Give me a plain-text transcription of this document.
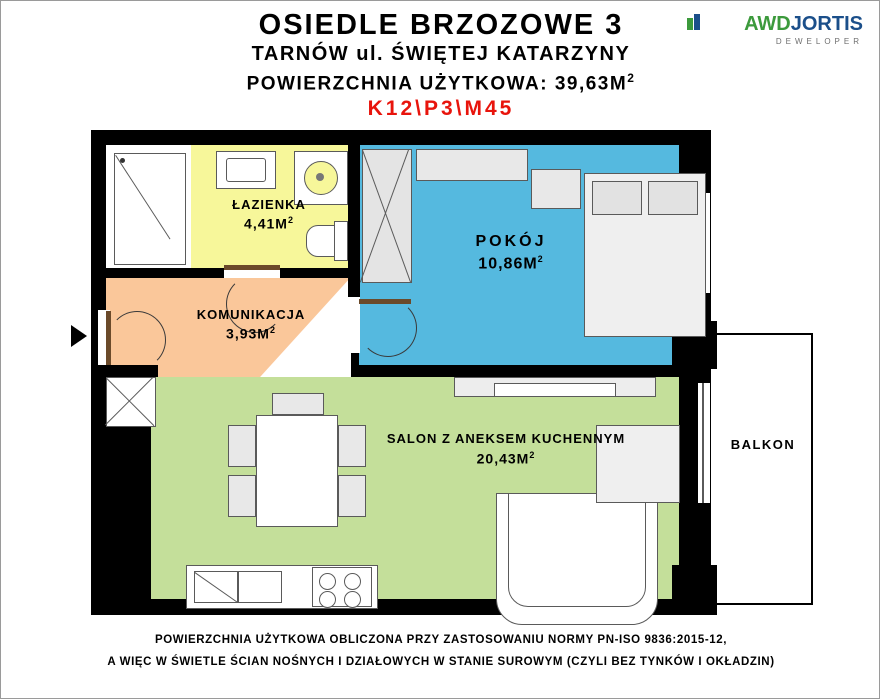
OSIEDLE BRZOZOWE 3
TARNÓW ul. ŚWIĘTEJ KATARZYNY
POWIERZCHNIA UŻYTKOWA: $39,63M^2$
K12\P3\M45
AWDJORTIS
DEWELOPER
KOMUNIKACJA
$3,93M^2$
POKÓJ
$10,86M^2$
SALON Z ANEKSEM KUCHENNYM
$20,43M^2$
ŁAZIENKA
$4,41M^2$
BALKON
POWIERZCHNIA UŻYTKOWA OBLICZONA PRZY ZASTOSOWANIU NORMY PN-ISO 9836:2015-12,
A WIĘC W ŚWIETLE ŚCIAN NOŚNYCH I DZIAŁOWYCH W STANIE SUROWYM (CZYLI BEZ TYNKÓW I OKŁADZIN)
